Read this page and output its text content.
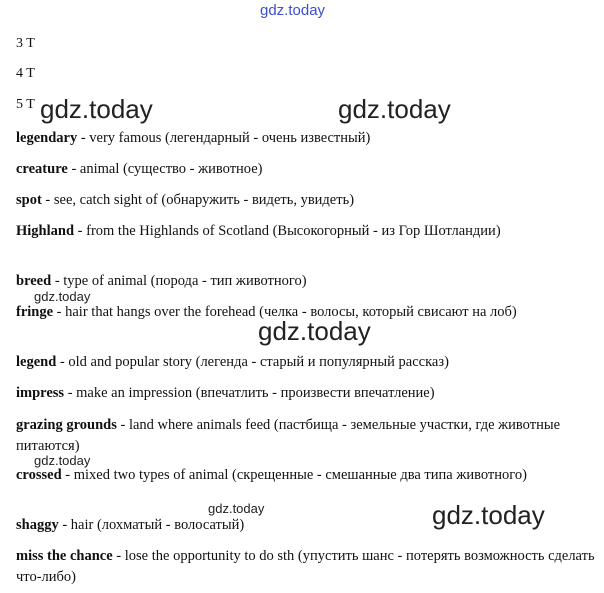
gdz.today
3 T
4 T
5 T gdz.today	gdz.today
legendary - very famous (легендарный - очень известный)
creature - animal (существо - животное)
spot - see, catch sight of (обнаружить - видеть, увидеть)
Highland - from the Highlands of Scotland (Высокогорный - из Гор Шотландии)
breed - type of animal (порода - тип животного)
gdz.today
fringe - hair that hangs over the forehead (челка - волосы, который свисают на лоб)
gdz.today
legend - old and popular story (легенда - старый и популярный рассказ)
impress - make an impression (впечатлить - произвести впечатление)
grazing grounds - land where animals feed (пастбища - земельные участки, где животные питаются)
gdz.today
crossed - mixed two types of animal (скрещенные - смешанные два типа животного)
gdz.today	gdz.today
shaggy - hair (лохматый - волосатый)
miss the chance - lose the opportunity to do sth (упустить шанс - потерять возможность сделать что-либо)
